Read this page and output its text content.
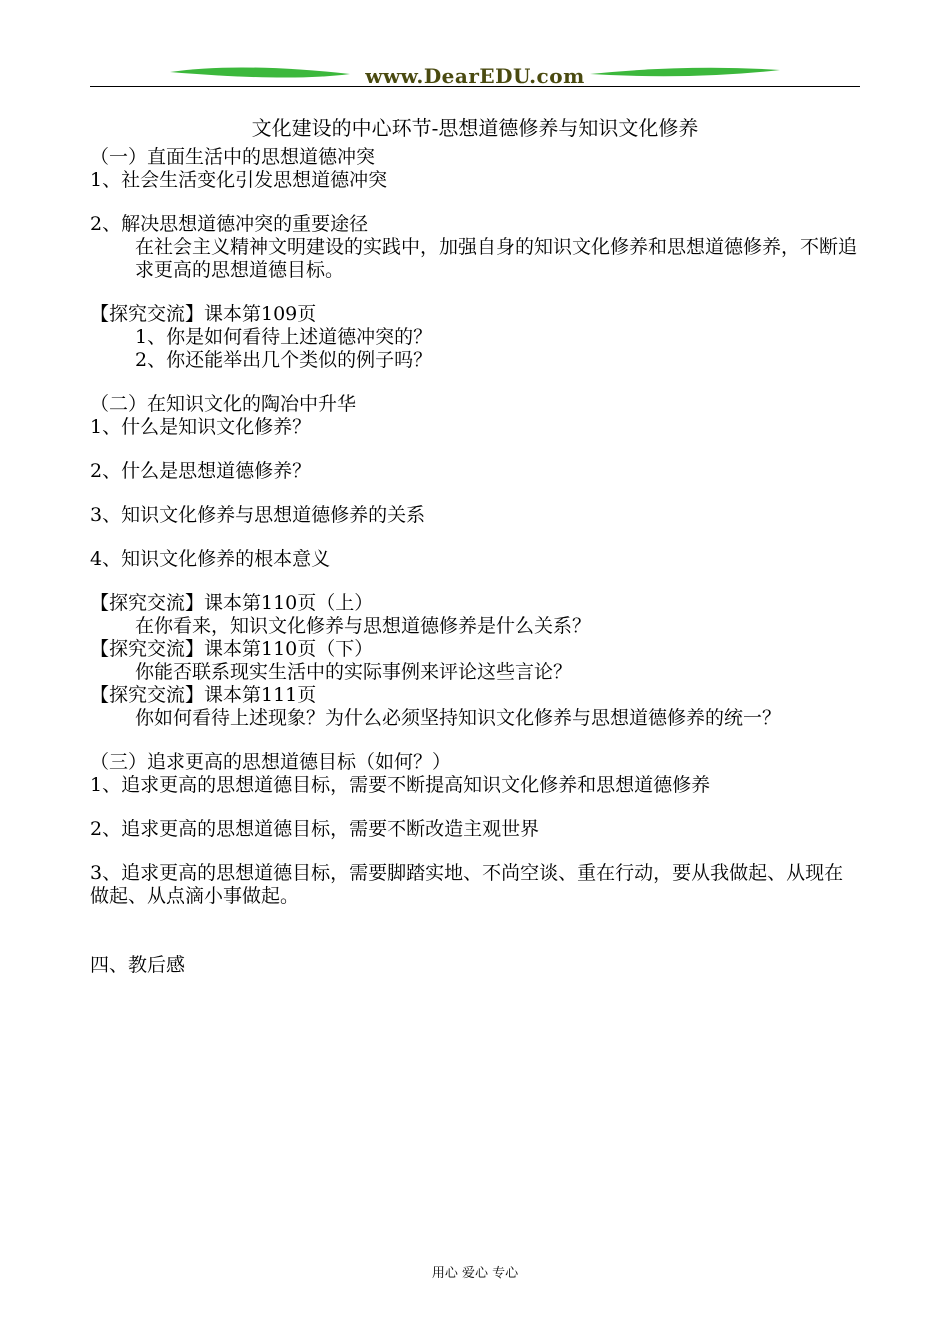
www.DearEDU.com
文化建设的中心环节-思想道德修养与知识文化修养
（一）直面生活中的思想道德冲突
1、社会生活变化引发思想道德冲突
2、解决思想道德冲突的重要途径
在社会主义精神文明建设的实践中，加强自身的知识文化修养和思想道德修养，不断追求更高的思想道德目标。
【探究交流】课本第109页
1、你是如何看待上述道德冲突的？
2、你还能举出几个类似的例子吗？
（二）在知识文化的陶冶中升华
1、什么是知识文化修养？
2、什么是思想道德修养？
3、知识文化修养与思想道德修养的关系
4、知识文化修养的根本意义
【探究交流】课本第110页（上）
在你看来，知识文化修养与思想道德修养是什么关系？
【探究交流】课本第110页（下）
你能否联系现实生活中的实际事例来评论这些言论？
【探究交流】课本第111页
你如何看待上述现象？为什么必须坚持知识文化修养与思想道德修养的统一？
（三）追求更高的思想道德目标（如何？）
1、追求更高的思想道德目标，需要不断提高知识文化修养和思想道德修养
2、追求更高的思想道德目标，需要不断改造主观世界
3、追求更高的思想道德目标，需要脚踏实地、不尚空谈、重在行动，要从我做起、从现在做起、从点滴小事做起。
四、教后感
用心 爱心 专心
